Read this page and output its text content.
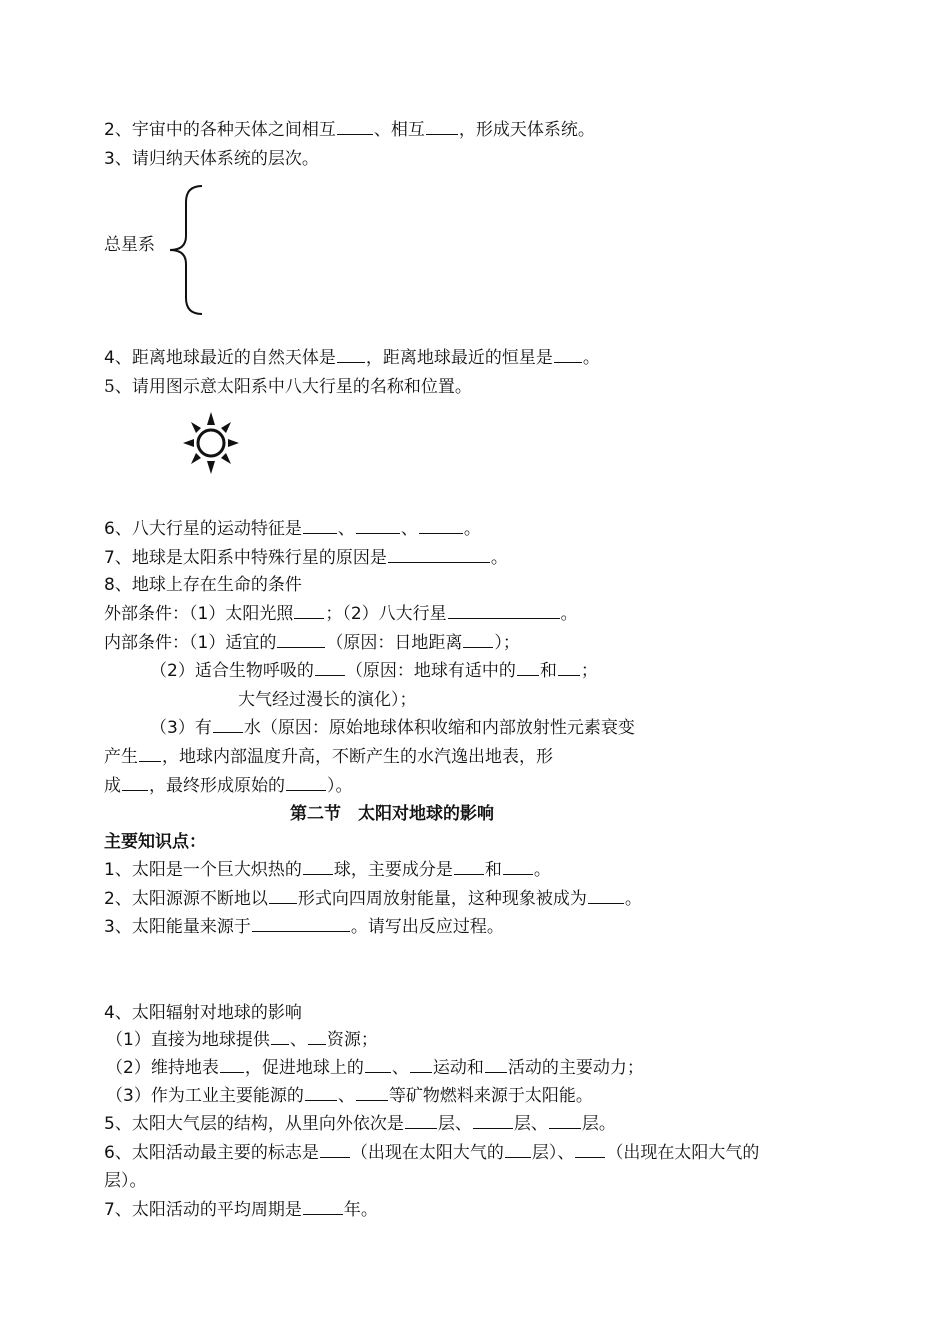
2、宇宙中的各种天体之间相互 、相互 ，形成天体系统。
3、请归纳天体系统的层次。
总星系
4、距离地球最近的自然天体是 ，距离地球最近的恒星是 。
5、请用图示意太阳系中八大行星的名称和位置。
6、八大行星的运动特征是 、	、	。
7、地球是太阳系中特殊行星的原因是	。
8、地球上存在生命的条件
外部条件：（1）太阳光照 ；（2）八大行星	。
内部条件：（1）适宜的	（原因：日地距离 ）；
（2）适合生物呼吸的 （原因：地球有适中的 和 ；
大气经过漫长的演化）；
（3）有 水（原因：原始地球体积收缩和内部放射性元素衰变
产生 ，地球内部温度升高，不断产生的水汽逸出地表，形
成 ，最终形成原始的 ）。
第二节　太阳对地球的影响
主要知识点：
1、太阳是一个巨大炽热的 球，主要成分是 和 。
2、太阳源源不断地以 形式向四周放射能量，这种现象被成为 。
3、太阳能量来源于	。请写出反应过程。
4、太阳辐射对地球的影响
（1）直接为地球提供 、 资源；
（2）维持地表 ，促进地球上的 、 运动和 活动的主要动力；
（3）作为工业主要能源的 、 等矿物燃料来源于太阳能。
5、太阳大气层的结构，从里向外依次是 层、 层、 层。
6、太阳活动最主要的标志是 （出现在太阳大气的 层）、 （出现在太阳大气的
层）。
7、太阳活动的平均周期是 年。
